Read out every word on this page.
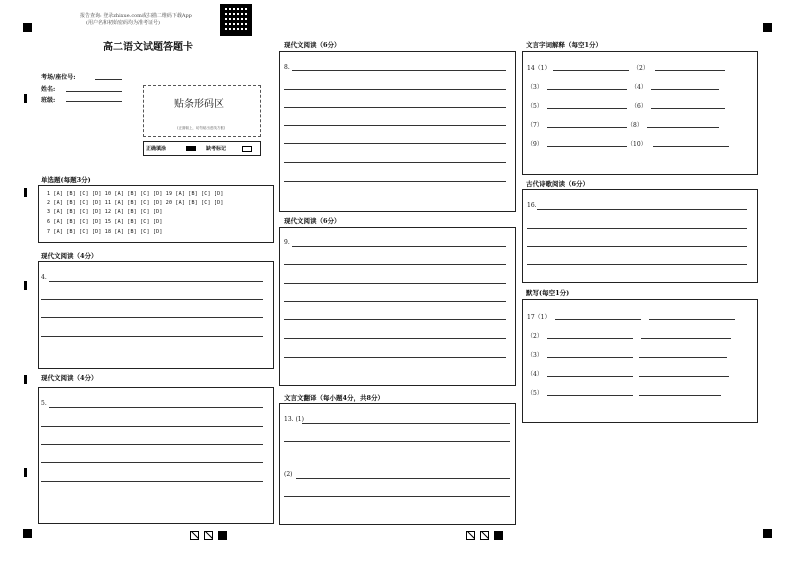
报告查询: 登录zhixue.com或扫描二维码下载App
(用户名和初始密码均为准考证号)
高二语文试题答题卡
考场/座位号:
姓名:
班级:	贴条形码区
(正面朝上，切勿贴出虚线方框)
正确填涂	缺考标记
单选题(每题3分)
1 [A] [B] [C] [D] 10 [A] [B] [C] [D] 19 [A] [B] [C] [D]
2 [A] [B] [C] [D] 11 [A] [B] [C] [D] 20 [A] [B] [C] [D]
3 [A] [B] [C] [D] 12 [A] [B] [C] [D]
6 [A] [B] [C] [D] 15 [A] [B] [C] [D]
7 [A] [B] [C] [D] 18 [A] [B] [C] [D]
现代文阅读（4分）
4.
现代文阅读（4分）
5.
现代文阅读（6分）
8.
现代文阅读（6分）
9.
文言文翻译（每小题4分，共8分）
13. (1)
(2)
文言字词解释（每空1分）
14（1）	（2）
（3）	（4）
（5）	（6）
（7）	（8）
（9）	（10）
古代诗歌阅读（6分）
16.
默写(每空1分)
17（1）
（2）
（3）
（4）
（5）
